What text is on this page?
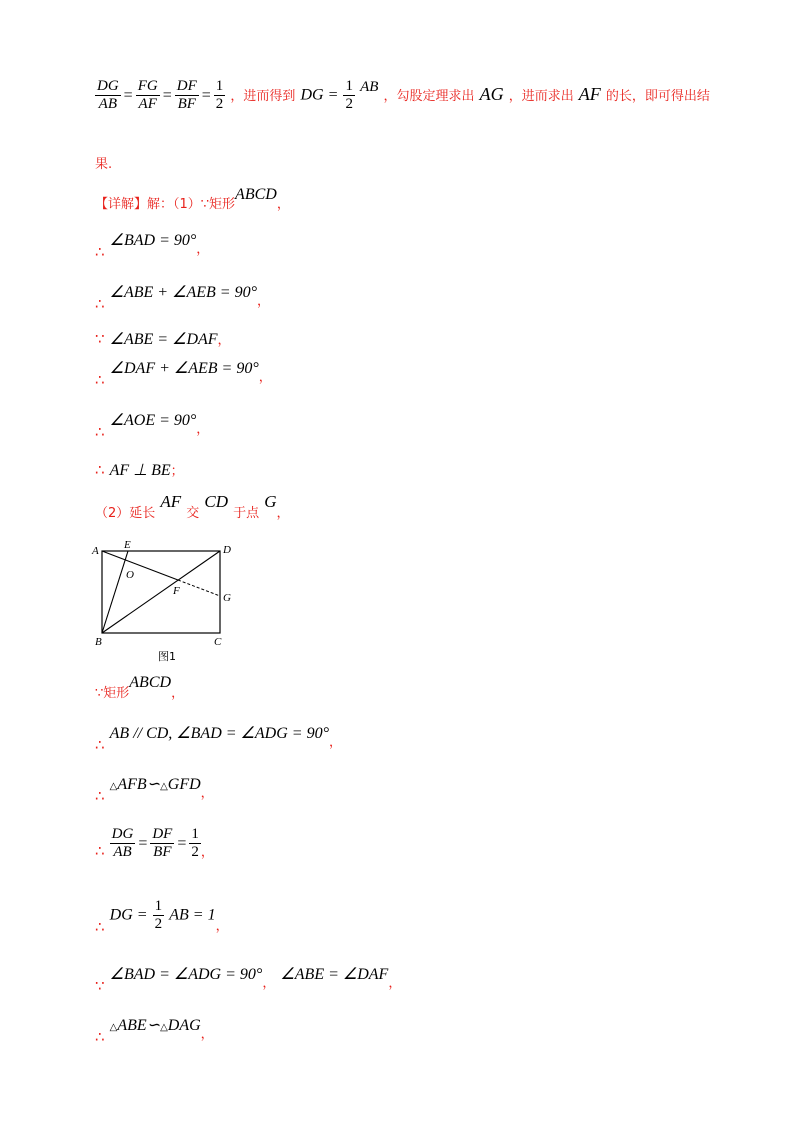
$\frac{DG}{AB} = \frac{FG}{AF} = \frac{DF}{BF} = \frac{1}{2}$ ，进而得到 DG = $\frac{1}{2}$ AB ，勾股定理求出 AG ，进而求出 AF 的长，即可得出结
果.
【详解】解：（1）∵矩形ABCD，
∴ ∠BAD = $90^\circ_,$
∴ ∠ABE + ∠AEB = $90^\circ_,$
∵ ∠ABE = ∠DAF，
∴ ∠DAF + ∠AEB = $90^\circ_,$
∴ ∠AOE = $90^\circ_,$
∴ AF ⊥ BE；
$_{(2)延长}$ AF $_交$ CD $_{于点}$ $G_,$
A E	D
O
F
G
B	C
图1
$_{\because 矩形}ABCD_,$
∴ AB // CD, ∠BAD = ∠ADG = $90^\circ_,$
∴ $\triangle AFB∽\triangle GFD_,$
∴ $\frac{DG}{AB} = \frac{DF}{BF} = \frac{1}{2} _,$
∴ DG = $\frac{1}{2}$ AB = $1_,$
∵ ∠BAD = ∠ADG = $90^\circ_,$ ∠ABE = $\angle DAF_,$
∴ $\triangle ABE∽\triangle DAG_,$
